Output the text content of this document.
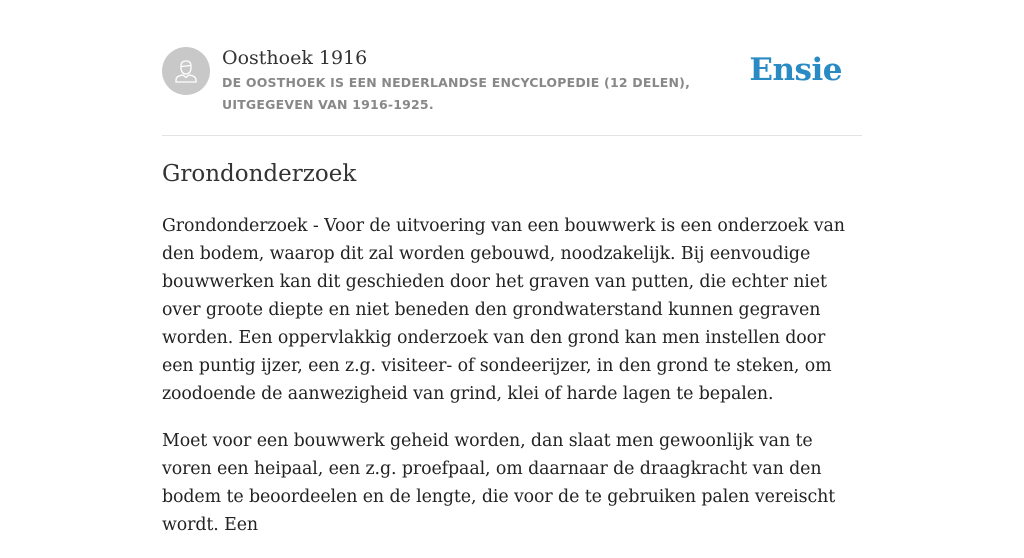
Oosthoek 1916
DE OOSTHOEK IS EEN NEDERLANDSE ENCYCLOPEDIE (12 DELEN), UITGEGEVEN VAN 1916-1925.
Ensie
Grondonderzoek

Grondonderzoek - Voor de uitvoering van een bouwwerk is een onderzoek van den bodem, waarop dit zal worden gebouwd, noodzakelijk. Bij eenvoudige bouwwerken kan dit geschieden door het graven van putten, die echter niet over groote diepte en niet beneden den grondwaterstand kunnen gegraven worden. Een oppervlakkig onderzoek van den grond kan men instellen door een puntig ijzer, een z.g. visiteer- of sondeerijzer, in den grond te steken, om zoodoende de aanwezigheid van grind, klei of harde lagen te bepalen.

Moet voor een bouwwerk geheid worden, dan slaat men gewoonlijk van te voren een heipaal, een z.g. proefpaal, om daarnaar de draagkracht van den bodem te beoordeelen en de lengte, die voor de te gebruiken palen vereischt wordt. Een
